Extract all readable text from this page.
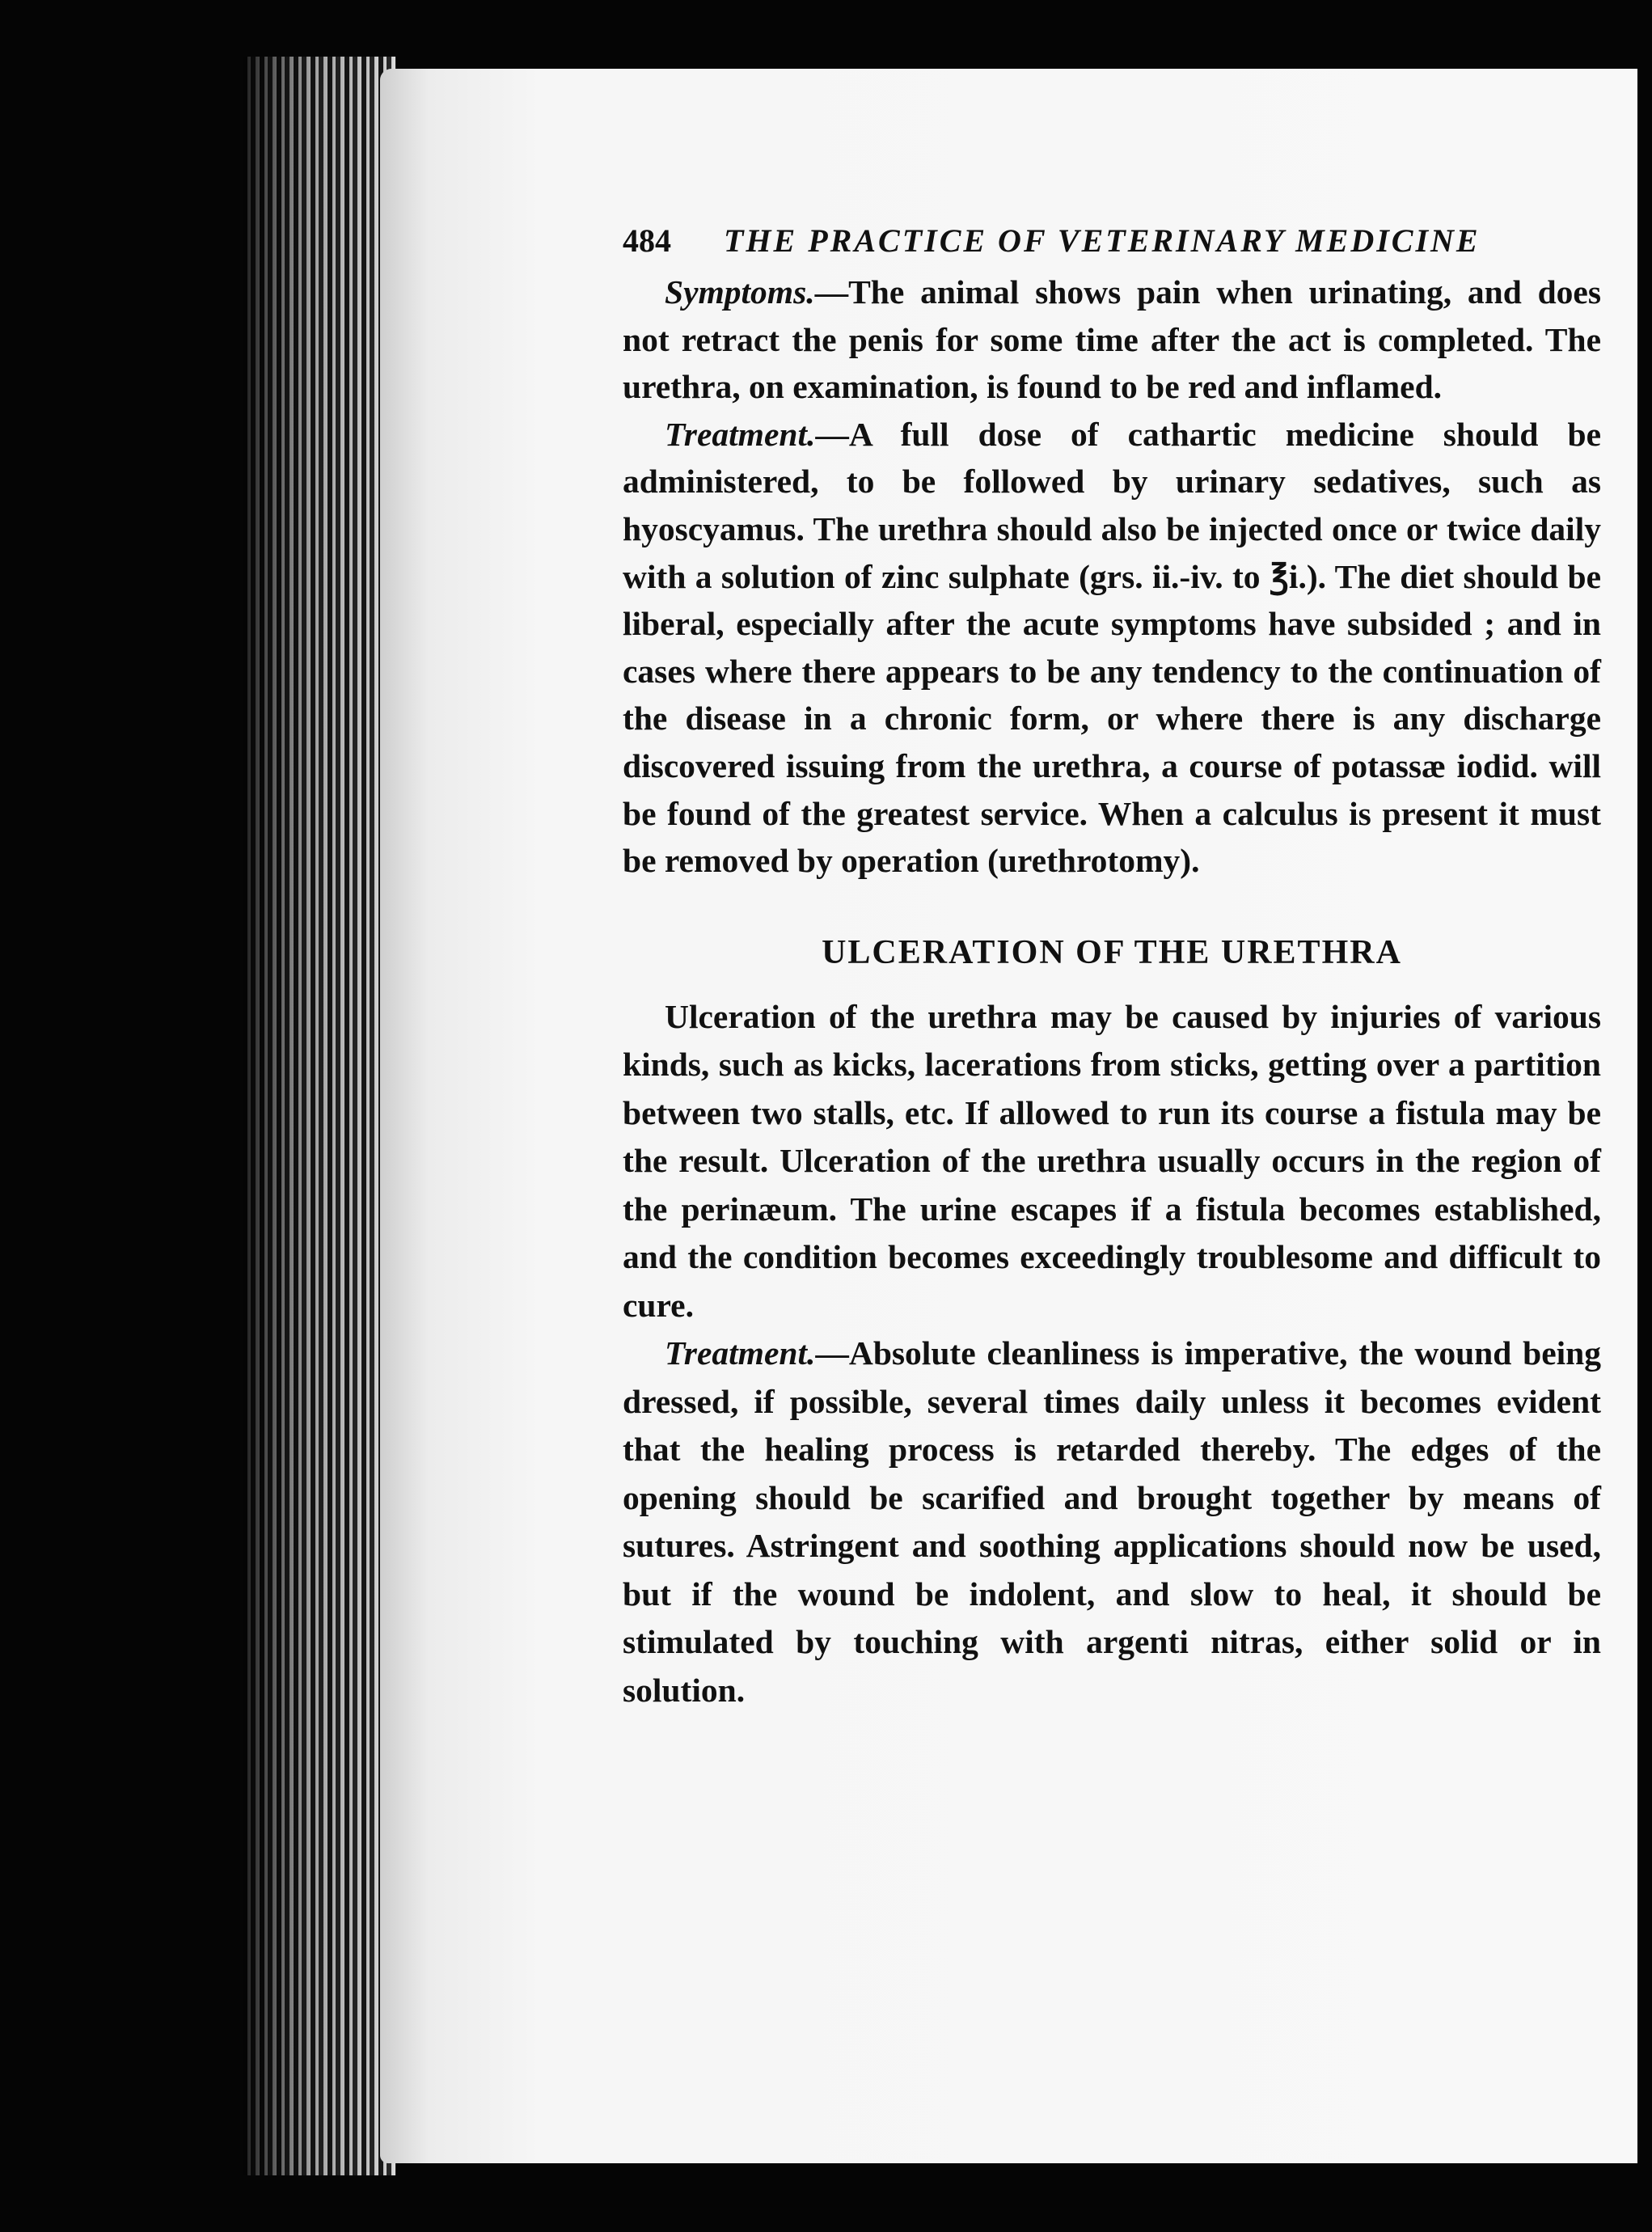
484 THE PRACTICE OF VETERINARY MEDICINE

Symptoms.—The animal shows pain when urinating, and does not retract the penis for some time after the act is completed. The urethra, on examination, is found to be red and inflamed.

Treatment.—A full dose of cathartic medicine should be administered, to be followed by urinary sedatives, such as hyoscyamus. The urethra should also be injected once or twice daily with a solution of zinc sulphate (grs. ii.-iv. to ℥i.). The diet should be liberal, especially after the acute symptoms have subsided ; and in cases where there appears to be any tendency to the continuation of the disease in a chronic form, or where there is any discharge discovered issuing from the urethra, a course of potassæ iodid. will be found of the greatest service. When a calculus is present it must be removed by operation (urethrotomy).

ULCERATION OF THE URETHRA

Ulceration of the urethra may be caused by injuries of various kinds, such as kicks, lacerations from sticks, getting over a partition between two stalls, etc. If allowed to run its course a fistula may be the result. Ulceration of the urethra usually occurs in the region of the perinæum. The urine escapes if a fistula becomes established, and the condition becomes exceedingly troublesome and difficult to cure.

Treatment.—Absolute cleanliness is imperative, the wound being dressed, if possible, several times daily unless it becomes evident that the healing process is retarded thereby. The edges of the opening should be scarified and brought together by means of sutures. Astringent and soothing applications should now be used, but if the wound be indolent, and slow to heal, it should be stimulated by touching with argenti nitras, either solid or in solution.
